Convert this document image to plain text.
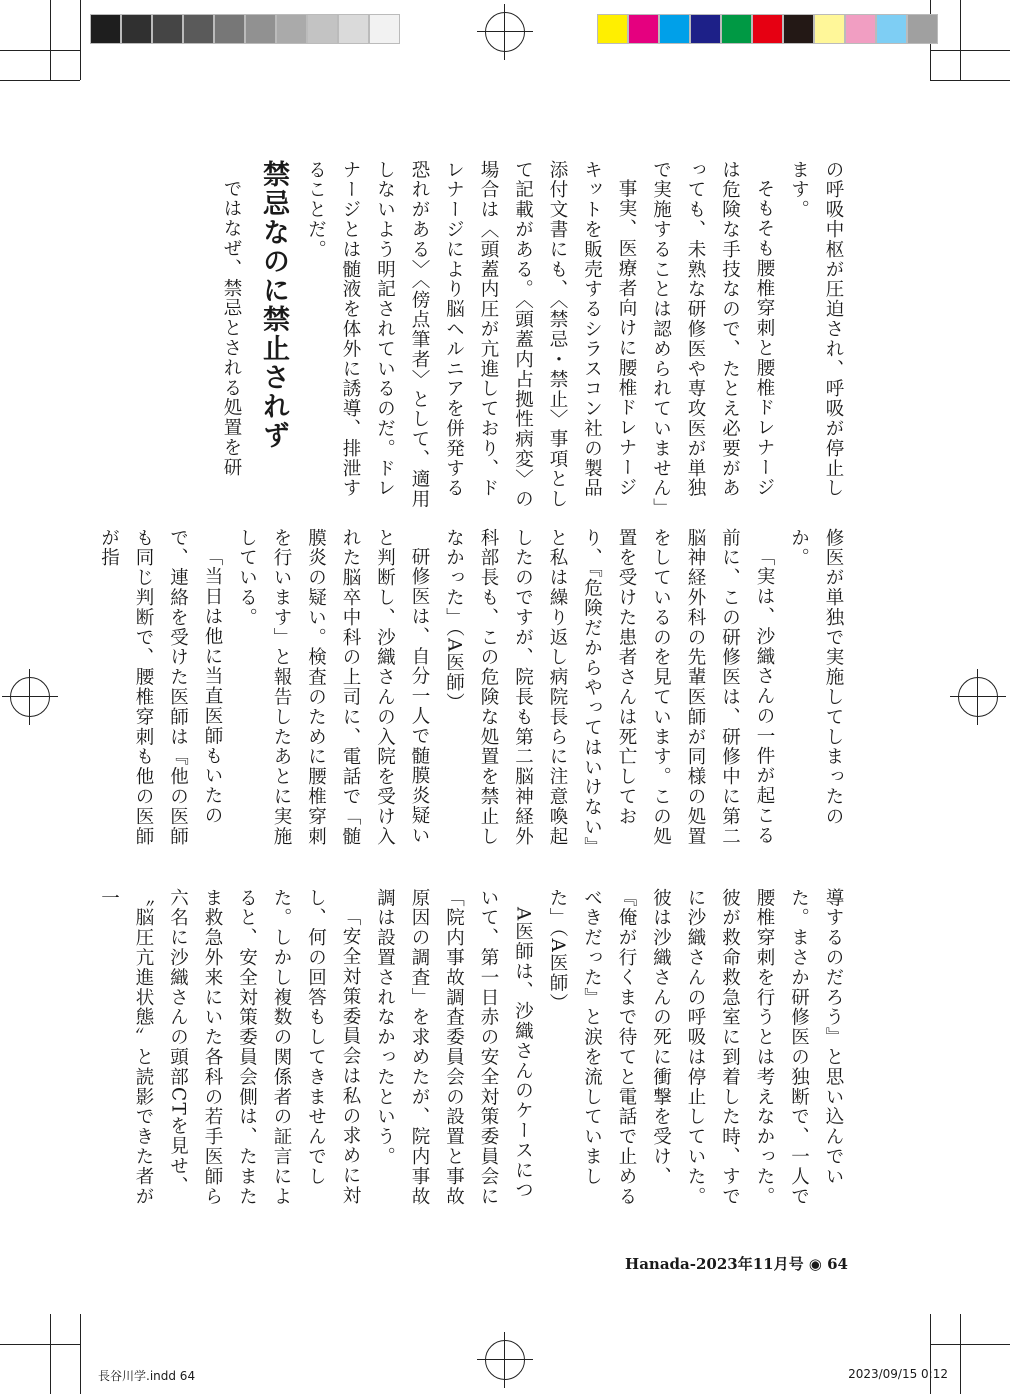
の呼吸中枢が圧迫され、呼吸が停止します。

そもそも腰椎穿刺と腰椎ドレナージは危険な手技なので、たとえ必要があっても、未熟な研修医や専攻医が単独で実施することは認められていません」

事実、医療者向けに腰椎ドレナージキットを販売するシラスコン社の製品添付文書にも、〈禁忌・禁止〉事項として記載がある。〈頭蓋内占拠性病変〉の場合は〈頭蓋内圧が亢進しており、ドレナージにより脳ヘルニアを併発する恐れがある〉〈傍点筆者〉として、適用しないよう明記されているのだ。ドレナージとは髄液を体外に誘導、排泄することだ。

禁忌なのに禁止されず

ではなぜ、禁忌とされる処置を研

修医が単独で実施してしまったのか。

「実は、沙織さんの一件が起こる前に、この研修医は、研修中に第二脳神経外科の先輩医師が同様の処置をしているのを見ています。この処置を受けた患者さんは死亡しており、『危険だからやってはいけない』と私は繰り返し病院長らに注意喚起したのですが、院長も第二脳神経外科部長も、この危険な処置を禁止しなかった」（A医師）

研修医は、自分一人で髄膜炎疑いと判断し、沙織さんの入院を受け入れた脳卒中科の上司に、電話で「髄膜炎の疑い。検査のために腰椎穿刺を行います」と報告したあとに実施している。

「当日は他に当直医師もいたので、連絡を受けた医師は『他の医師も同じ判断で、腰椎穿刺も他の医師が指

導するのだろう』と思い込んでいた。まさか研修医の独断で、一人で腰椎穿刺を行うとは考えなかった。彼が救命救急室に到着した時、すでに沙織さんの呼吸は停止していた。彼は沙織さんの死に衝撃を受け、『俺が行くまで待てと電話で止めるべきだった』と涙を流していました」（A医師）

A医師は、沙織さんのケースについて、第一日赤の安全対策委員会に「院内事故調査委員会の設置と事故原因の調査」を求めたが、院内事故調は設置されなかったという。

「安全対策委員会は私の求めに対し、何の回答もしてきませんでした。しかし複数の関係者の証言によると、安全対策委員会側は、たまたま救急外来にいた各科の若手医師ら六名に沙織さんの頭部CTを見せ、〝脳圧亢進状態〟と読影できた者が一

Hanada-2023年11月号 ◉ 64
長谷川学.indd 64	2023/09/15 0:12
